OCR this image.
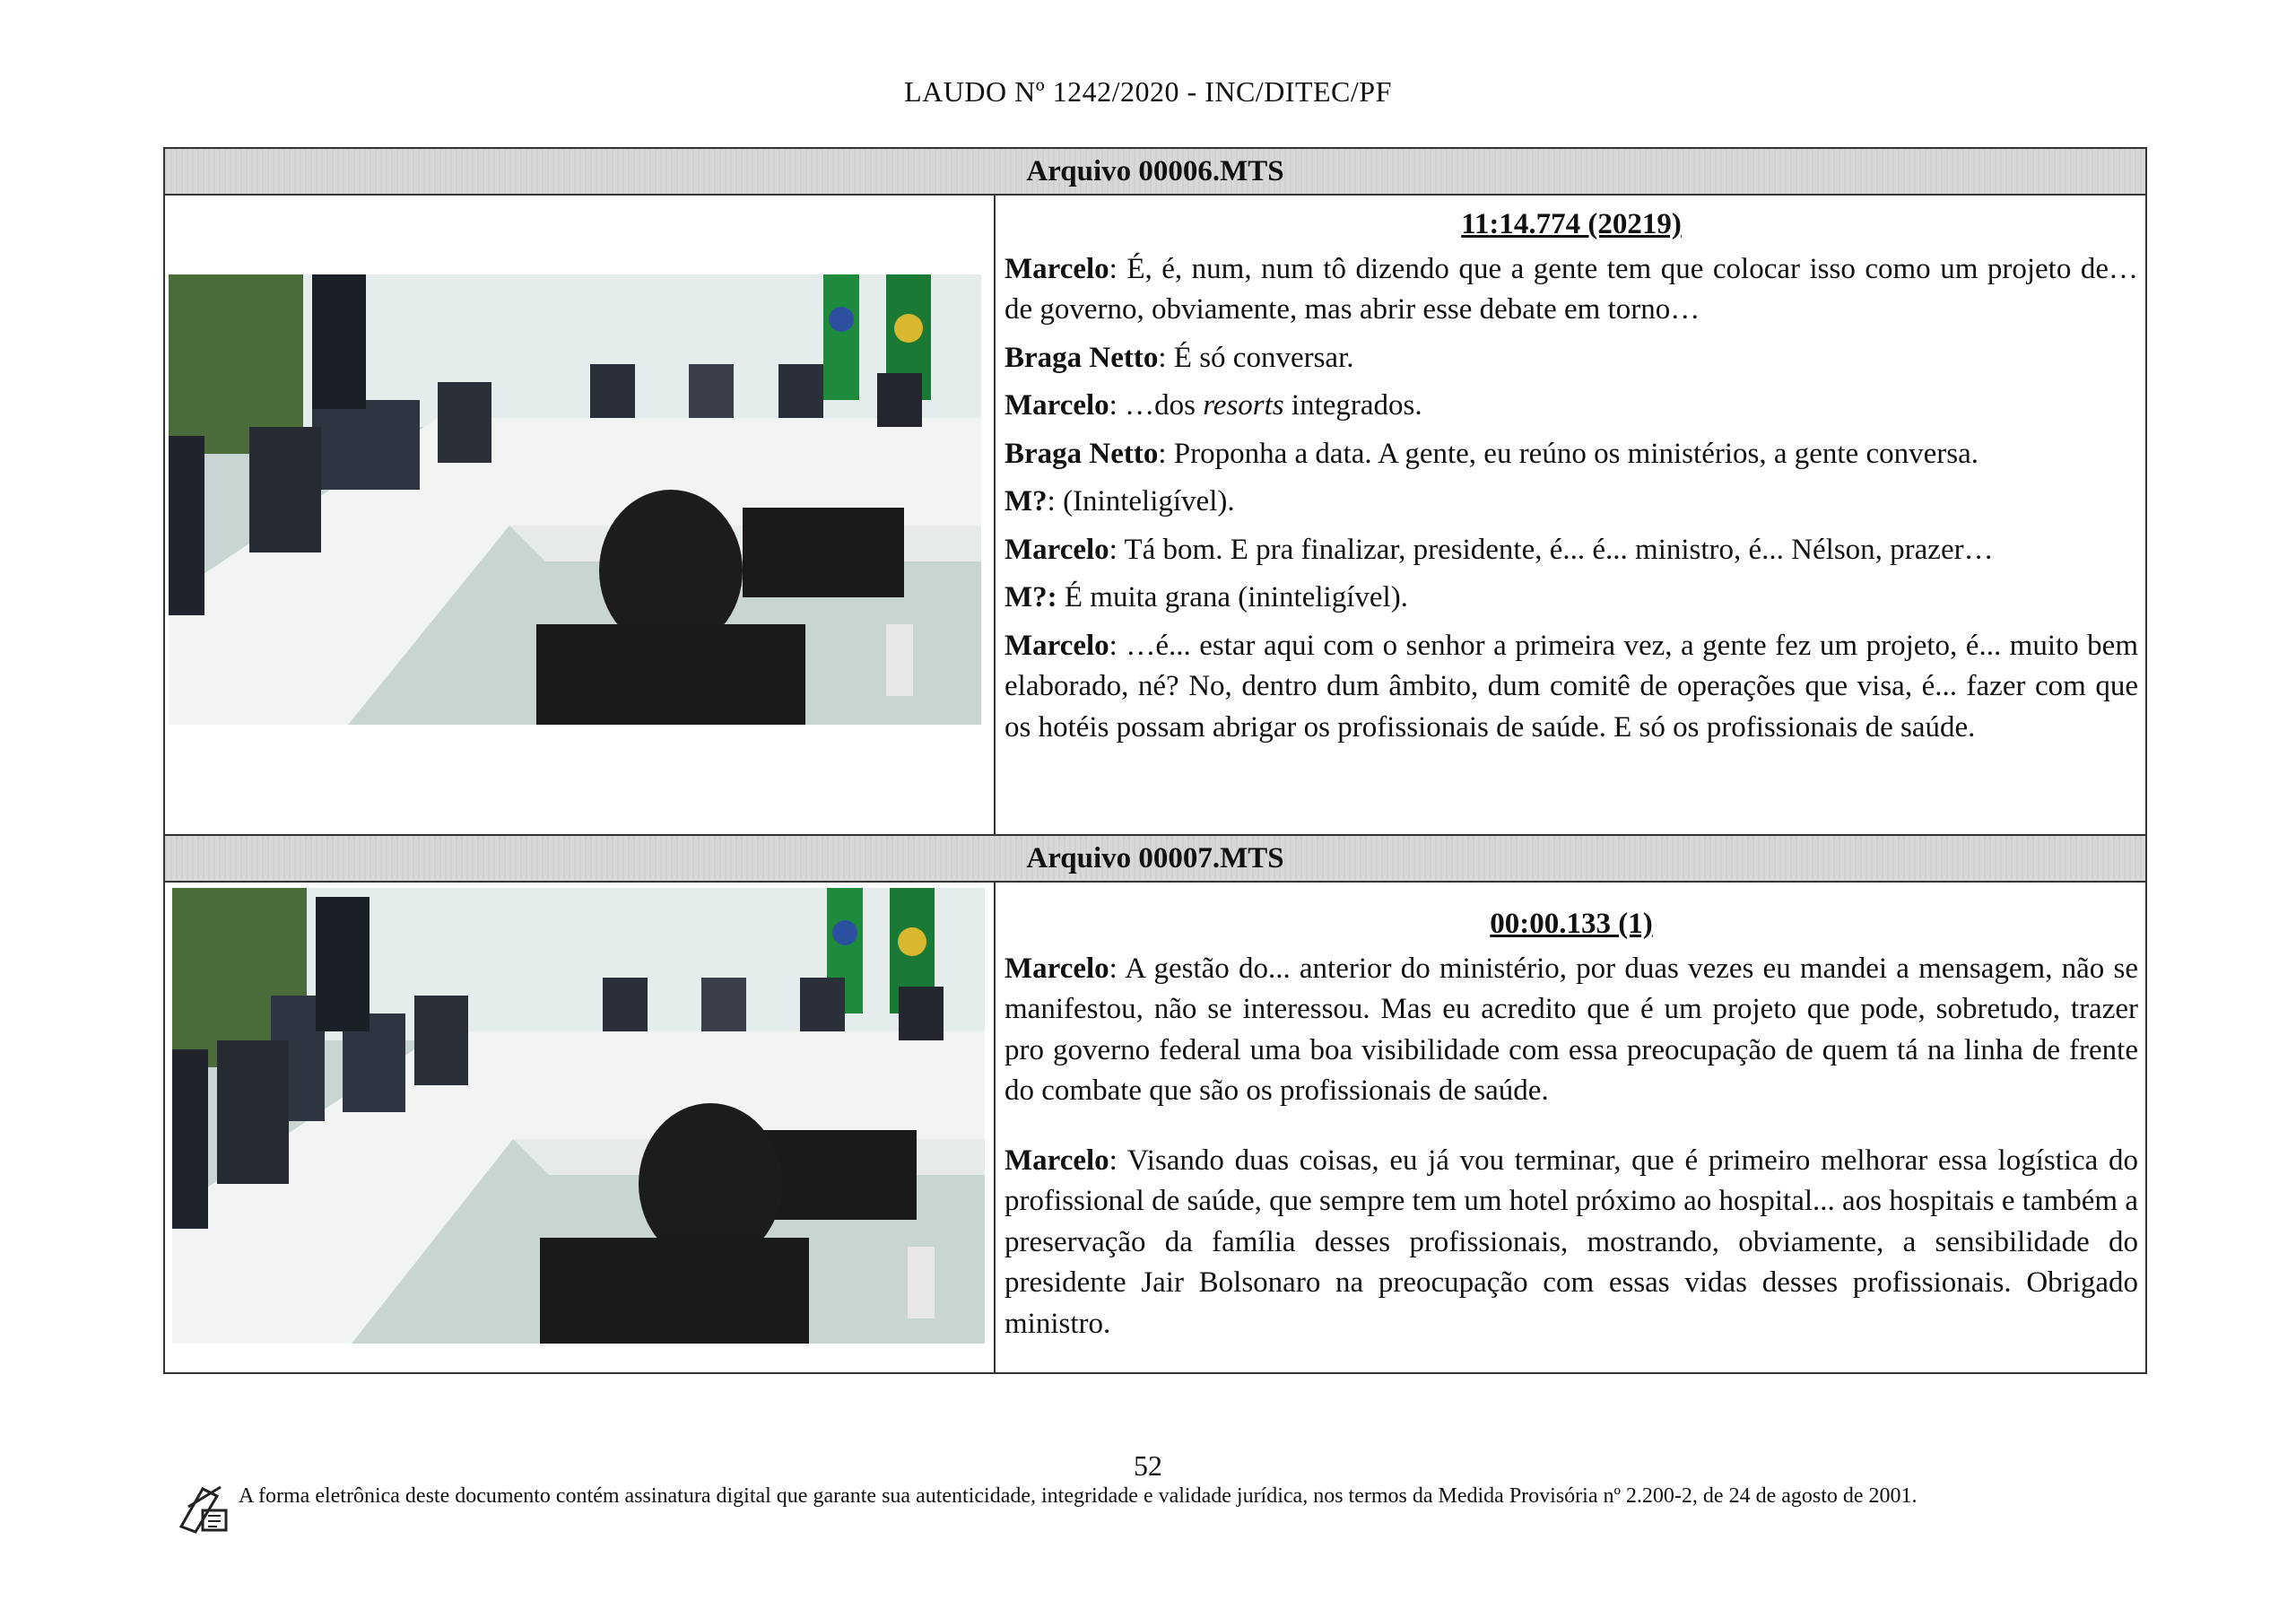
LAUDO Nº 1242/2020 - INC/DITEC/PF
Arquivo 00006.MTS
11:14.774 (20219)

Marcelo: É, é, num, num tô dizendo que a gente tem que colocar isso como um projeto de… de governo, obviamente, mas abrir esse debate em torno…

Braga Netto: É só conversar.

Marcelo: …dos resorts integrados.

Braga Netto: Proponha a data. A gente, eu reúno os ministérios, a gente conversa.

M?: (Ininteligível).

Marcelo: Tá bom. E pra finalizar, presidente, é... é... ministro, é... Nélson, prazer…

M?: É muita grana (ininteligível).

Marcelo: …é... estar aqui com o senhor a primeira vez, a gente fez um projeto, é... muito bem elaborado, né? No, dentro dum âmbito, dum comitê de operações que visa, é... fazer com que os hotéis possam abrigar os profissionais de saúde. E só os profissionais de saúde.

Arquivo 00007.MTS
00:00.133 (1)

Marcelo: A gestão do... anterior do ministério, por duas vezes eu mandei a mensagem, não se manifestou, não se interessou. Mas eu acredito que é um projeto que pode, sobretudo, trazer pro governo federal uma boa visibilidade com essa preocupação de quem tá na linha de frente do combate que são os profissionais de saúde.

Marcelo: Visando duas coisas, eu já vou terminar, que é primeiro melhorar essa logística do profissional de saúde, que sempre tem um hotel próximo ao hospital... aos hospitais e também a preservação da família desses profissionais, mostrando, obviamente, a sensibilidade do presidente Jair Bolsonaro na preocupação com essas vidas desses profissionais. Obrigado ministro.

52
A forma eletrônica deste documento contém assinatura digital que garante sua autenticidade, integridade e validade jurídica, nos termos da Medida Provisória nº 2.200-2, de 24 de agosto de 2001.
